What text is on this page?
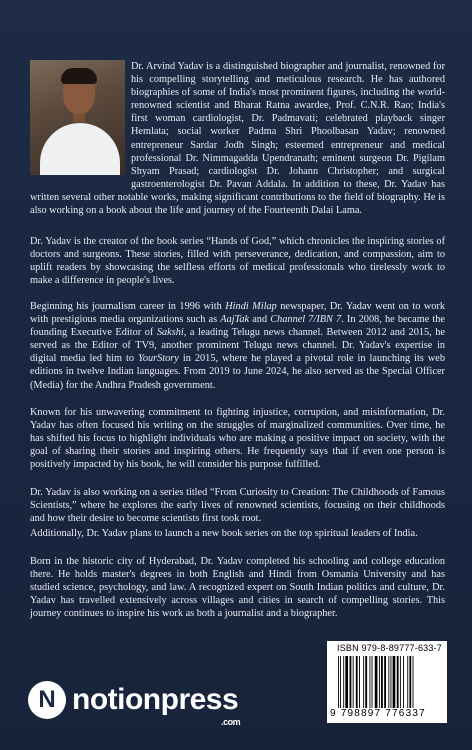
Dr. Arvind Yadav is a distinguished biographer and journalist, renowned for his compelling storytelling and meticulous research. He has authored biographies of some of India's most prominent figures, including the world-renowned scientist and Bharat Ratna awardee, Prof. C.N.R. Rao; India's first woman cardiologist, Dr. Padmavati; celebrated playback singer Hemlata; social worker Padma Shri Phoolbasan Yadav; renowned entrepreneur Sardar Jodh Singh; esteemed entrepreneur and medical professional Dr. Nimmagadda Upendranath; eminent surgeon Dr. Pigilam Shyam Prasad; cardiologist Dr. Johann Christopher; and surgical gastroenterologist Dr. Pavan Addala. In addition to these, Dr. Yadav has written several other notable works, making significant contributions to the field of biography. He is also working on a book about the life and journey of the Fourteenth Dalai Lama.

Dr. Yadav is the creator of the book series “Hands of God,” which chronicles the inspiring stories of doctors and surgeons. These stories, filled with perseverance, dedication, and compassion, aim to uplift readers by showcasing the selfless efforts of medical professionals who tirelessly work to make a difference in people's lives.

Beginning his journalism career in 1996 with Hindi Milap newspaper, Dr. Yadav went on to work with prestigious media organizations such as AajTak and Channel 7/IBN 7. In 2008, he became the founding Executive Editor of Sakshi, a leading Telugu news channel. Between 2012 and 2015, he served as the Editor of TV9, another prominent Telugu news channel. Dr. Yadav's expertise in digital media led him to YourStory in 2015, where he played a pivotal role in launching its web editions in twelve Indian languages. From 2019 to June 2024, he also served as the Special Officer (Media) for the Andhra Pradesh government.

Known for his unwavering commitment to fighting injustice, corruption, and misinformation, Dr. Yadav has often focused his writing on the struggles of marginalized communities. Over time, he has shifted his focus to highlight individuals who are making a positive impact on society, with the goal of sharing their stories and inspiring others. He frequently says that if even one person is positively impacted by his book, he will consider his purpose fulfilled.

Dr. Yadav is also working on a series titled “From Curiosity to Creation: The Childhoods of Famous Scientists,” where he explores the early lives of renowned scientists, focusing on their childhoods and how their desire to become scientists first took root.

Additionally, Dr. Yadav plans to launch a new book series on the top spiritual leaders of India.

Born in the historic city of Hyderabad, Dr. Yadav completed his schooling and college education there. He holds master's degrees in both English and Hindi from Osmania University and has studied science, psychology, and law. A recognized expert on South Indian politics and culture, Dr. Yadav has travelled extensively across villages and cities in search of compelling stories. This journey continues to inspire his work as both a journalist and a biographer.

N notionpress
.com
ISBN 979-8-89777-633-7
9 798897 776337
